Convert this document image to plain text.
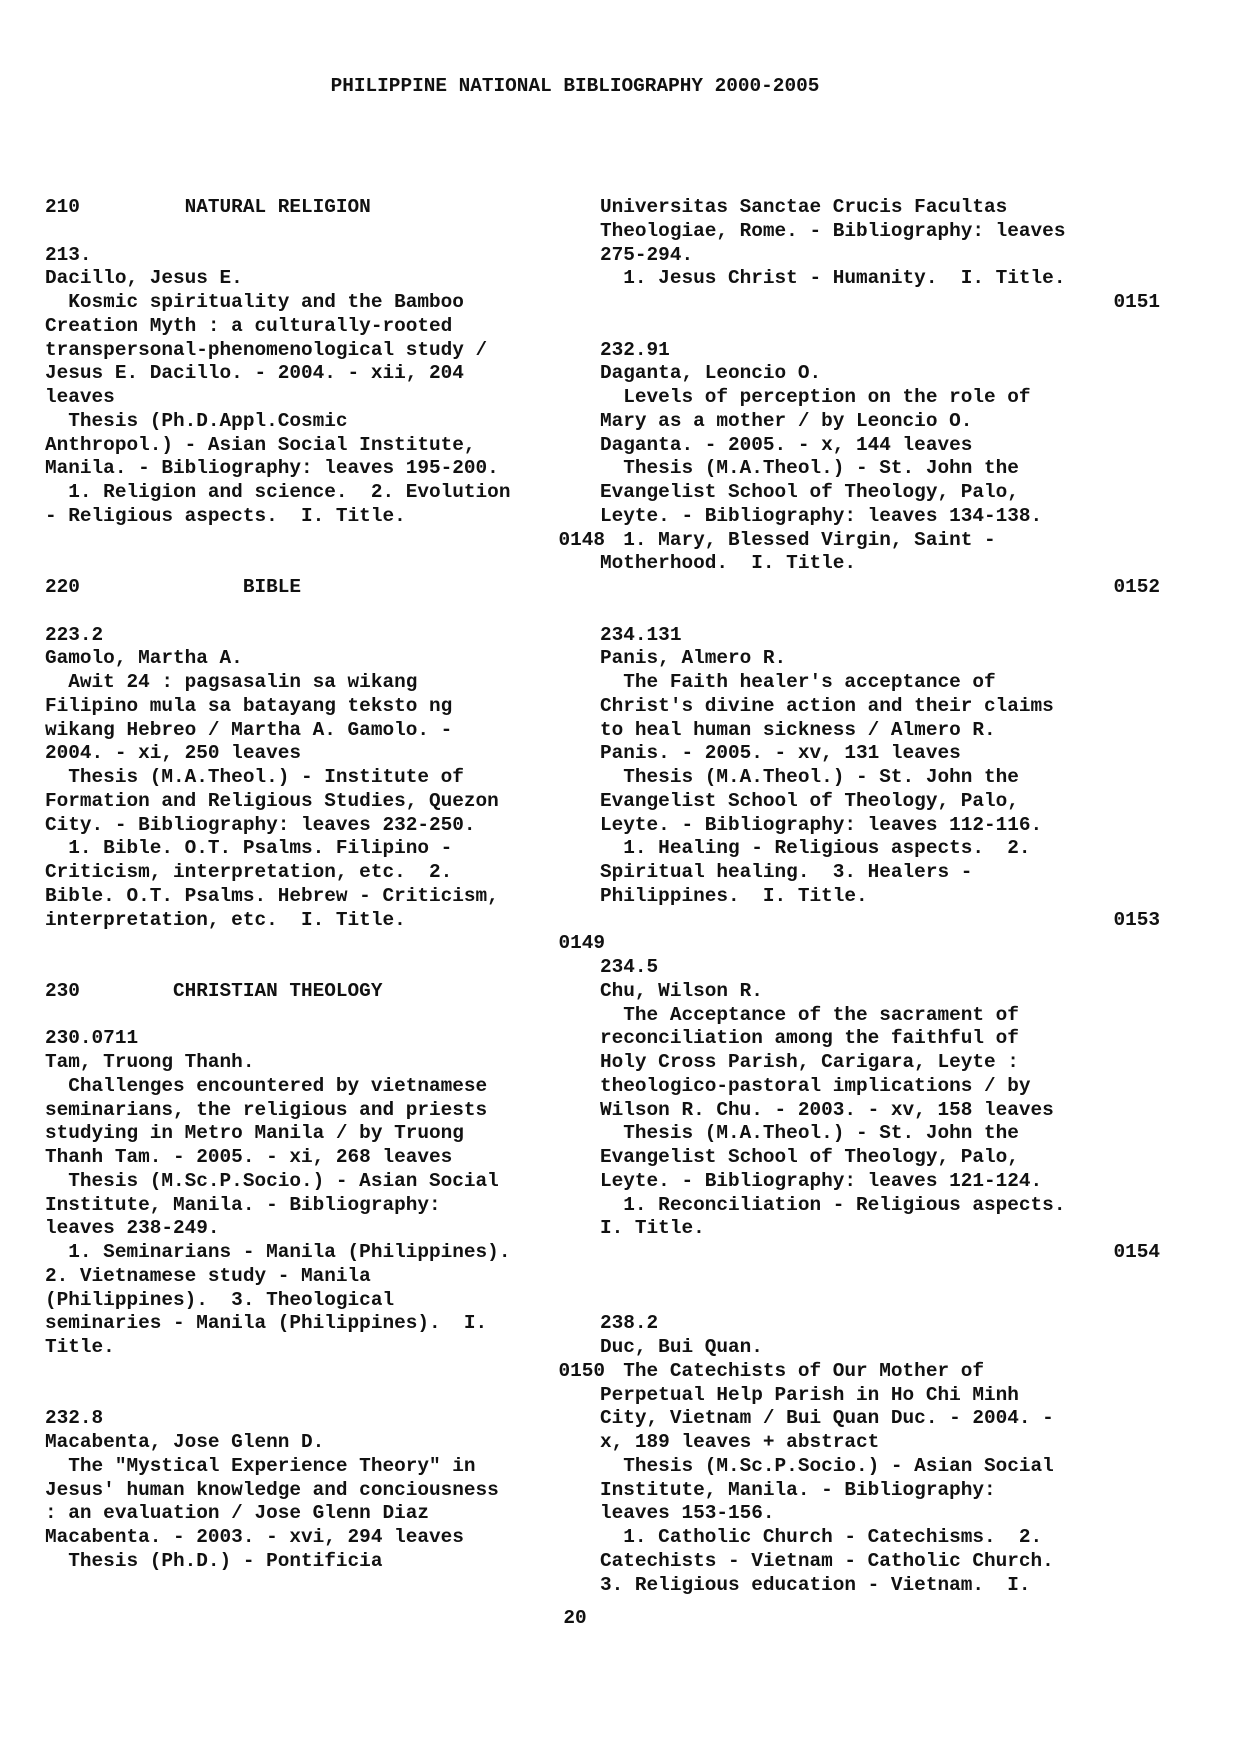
PHILIPPINE NATIONAL BIBLIOGRAPHY 2000-2005
210         NATURAL RELIGION
213.
Dacillo, Jesus E.
Kosmic spirituality and the Bamboo
Creation Myth : a culturally-rooted
transpersonal-phenomenological study /
Jesus E. Dacillo. - 2004. - xii, 204
leaves
Thesis (Ph.D.Appl.Cosmic
Anthropol.) - Asian Social Institute,
Manila. - Bibliography: leaves 195-200.
1. Religion and science.  2. Evolution
- Religious aspects.  I. Title.
0148
220              BIBLE
223.2
Gamolo, Martha A.
Awit 24 : pagsasalin sa wikang
Filipino mula sa batayang teksto ng
wikang Hebreo / Martha A. Gamolo. -
2004. - xi, 250 leaves
Thesis (M.A.Theol.) - Institute of
Formation and Religious Studies, Quezon
City. - Bibliography: leaves 232-250.
1. Bible. O.T. Psalms. Filipino -
Criticism, interpretation, etc.  2.
Bible. O.T. Psalms. Hebrew - Criticism,
interpretation, etc.  I. Title.
0149
230        CHRISTIAN THEOLOGY
230.0711
Tam, Truong Thanh.
Challenges encountered by vietnamese
seminarians, the religious and priests
studying in Metro Manila / by Truong
Thanh Tam. - 2005. - xi, 268 leaves
Thesis (M.Sc.P.Socio.) - Asian Social
Institute, Manila. - Bibliography:
leaves 238-249.
1. Seminarians - Manila (Philippines).
2. Vietnamese study - Manila
(Philippines).  3. Theological
seminaries - Manila (Philippines).  I.
Title.
0150
232.8
Macabenta, Jose Glenn D.
The "Mystical Experience Theory" in
Jesus' human knowledge and conciousness
: an evaluation / Jose Glenn Diaz
Macabenta. - 2003. - xvi, 294 leaves
Thesis (Ph.D.) - Pontificia
Universitas Sanctae Crucis Facultas
Theologiae, Rome. - Bibliography: leaves
275-294.
1. Jesus Christ - Humanity.  I. Title.
0151
232.91
Daganta, Leoncio O.
Levels of perception on the role of
Mary as a mother / by Leoncio O.
Daganta. - 2005. - x, 144 leaves
Thesis (M.A.Theol.) - St. John the
Evangelist School of Theology, Palo,
Leyte. - Bibliography: leaves 134-138.
1. Mary, Blessed Virgin, Saint -
Motherhood.  I. Title.
0152
234.131
Panis, Almero R.
The Faith healer's acceptance of
Christ's divine action and their claims
to heal human sickness / Almero R.
Panis. - 2005. - xv, 131 leaves
Thesis (M.A.Theol.) - St. John the
Evangelist School of Theology, Palo,
Leyte. - Bibliography: leaves 112-116.
1. Healing - Religious aspects.  2.
Spiritual healing.  3. Healers -
Philippines.  I. Title.
0153
234.5
Chu, Wilson R.
The Acceptance of the sacrament of
reconciliation among the faithful of
Holy Cross Parish, Carigara, Leyte :
theologico-pastoral implications / by
Wilson R. Chu. - 2003. - xv, 158 leaves
Thesis (M.A.Theol.) - St. John the
Evangelist School of Theology, Palo,
Leyte. - Bibliography: leaves 121-124.
1. Reconciliation - Religious aspects.
I. Title.
0154
238.2
Duc, Bui Quan.
The Catechists of Our Mother of
Perpetual Help Parish in Ho Chi Minh
City, Vietnam / Bui Quan Duc. - 2004. -
x, 189 leaves + abstract
Thesis (M.Sc.P.Socio.) - Asian Social
Institute, Manila. - Bibliography:
leaves 153-156.
1. Catholic Church - Catechisms.  2.
Catechists - Vietnam - Catholic Church.
3. Religious education - Vietnam.  I.
20
